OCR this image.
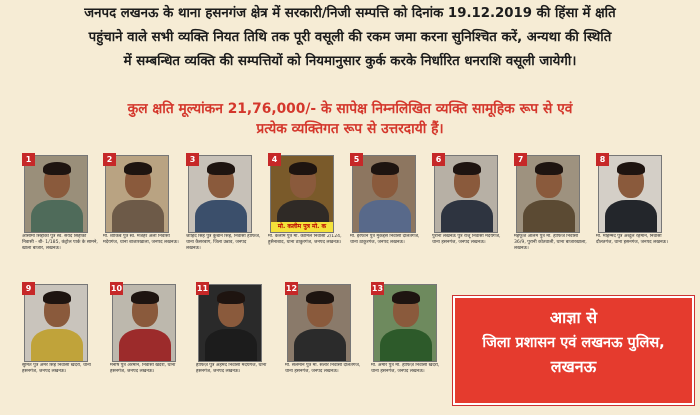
जनपद लखनऊ के थाना हसनगंज क्षेत्र में सरकारी/निजी सम्पत्ति को दिनांक 19.12.2019 की हिंसा में क्षति
पहुंचाने वाले सभी व्यक्ति नियत तिथि तक पूरी वसूली की रकम जमा करना सुनिश्चित करें, अन्यथा की स्थिति
में सम्बन्धित व्यक्ति की सम्पत्तियों को नियमानुसार कुर्क करके निर्धारित धनराशि वसूली जायेगी।
कुल क्षति मूल्यांकन 21,76,000/- के सापेक्ष निम्नलिखित व्यक्ति सामूहिक रूप से एवं
प्रत्येक व्यक्तिगत रूप से उत्तरदायी हैं।
1
ओसामा सिद्दीकी पुत्र स्व. सैयद सिद्दीकी निवासी - बी- 1/185, कंट्रोल पार्क के सामने, खाला बाजार, लखनऊ।
2
मो. शाकिब पुत्र स्व. मजहर अली निवासी मदेयगंज, थाना बाजारखाला, जनपद लखनऊ।
3
जाहिद सिंह पुत्र कुर्बान सिंह, निवासी हाफिज, थाना कैसरबाग, जिला उन्नाव, जनपद लखनऊ।
मो. कलीम पुत्र मो. क
4
मो. कलीम पुत्र मो. कामिल निवासी 2/124, हुसैनाबाद, थाना ठाकुरगंज, जनपद लखनऊ।
5
मो. इरफान पुत्र मुकद्दस निवासी दौलतगंज, थाना ठाकुरगंज, जनपद लखनऊ।
6
पुरानी लखनऊ पुत्र राजू निवासी मदेयगंज, थाना हसनगंज, जनपद लखनऊ।
7
महफूज आलम पुत्र मो. हाफिज निवासी 36/9, पुरानी कोतवाली, थाना बाजारखाला, लखनऊ।
8
मो. मोहम्मद पुत्र अब्दुल रहमान, निवासी दौलतगंज, थाना हसनगंज, जनपद लखनऊ।
9
सुमित पुत्र अमर सिंह निवासी खदरा, थाना हसनगंज, जनपद लखनऊ।
10
मनीष पुत्र अरमान, निवासी खदरा, थाना हसनगंज, जनपद लखनऊ।
11
हाफिज़ पुत्र अहमद निवासी मदेयगंज, थाना हसनगंज, जनपद लखनऊ।
12
मो. सलमान पुत्र मो. सलार निवासी दौलतगंज, थाना हसनगंज, जनपद लखनऊ।
13
मो. अमीर पुत्र मो. हाफिज़ निवासी खदरा, थाना हसनगंज, जनपद लखनऊ।
आज्ञा से
जिला प्रशासन एवं लखनऊ पुलिस,
लखनऊ
